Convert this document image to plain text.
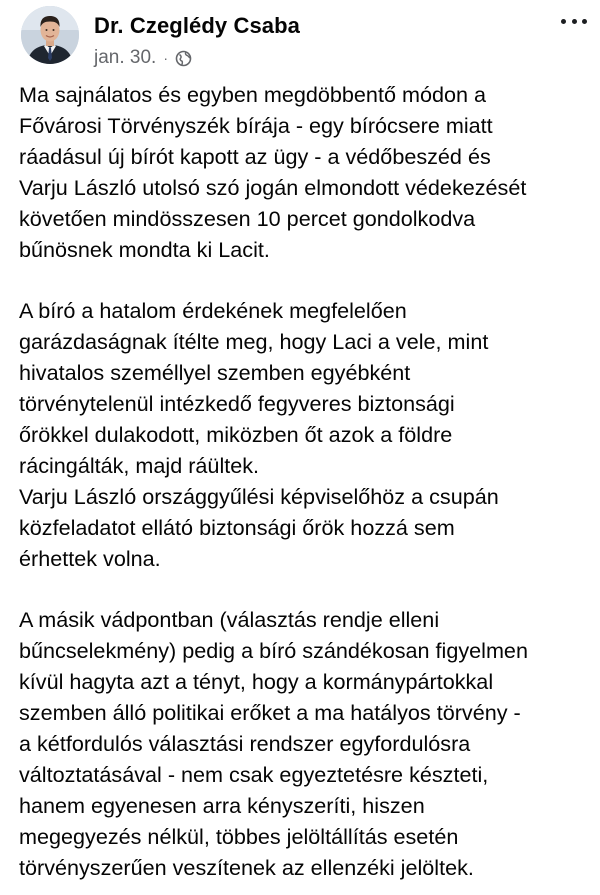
Dr. Czeglédy Csaba
jan. 30. ·
Ma sajnálatos és egyben megdöbbentő módon a
Fővárosi Törvényszék bírája - egy bírócsere miatt
ráadásul új bírót kapott az ügy - a védőbeszéd és
Varju László utolsó szó jogán elmondott védekezését
követően mindösszesen 10 percet gondolkodva
bűnösnek mondta ki Lacit.
A bíró a hatalom érdekének megfelelően
garázdaságnak ítélte meg, hogy Laci a vele, mint
hivatalos személlyel szemben egyébként
törvénytelenül intézkedő fegyveres biztonsági
őrökkel dulakodott, miközben őt azok a földre
rácingálták, majd ráültek.
Varju László országgyűlési képviselőhöz a csupán
közfeladatot ellátó biztonsági őrök hozzá sem
érhettek volna.
A másik vádpontban (választás rendje elleni
bűncselekmény) pedig a bíró szándékosan figyelmen
kívül hagyta azt a tényt, hogy a kormánypártokkal
szemben álló politikai erőket a ma hatályos törvény -
a kétfordulós választási rendszer egyfordulósra
változtatásával - nem csak egyeztetésre készteti,
hanem egyenesen arra kényszeríti, hiszen
megegyezés nélkül, többes jelöltállítás esetén
törvényszerűen veszítenek az ellenzéki jelöltek.
